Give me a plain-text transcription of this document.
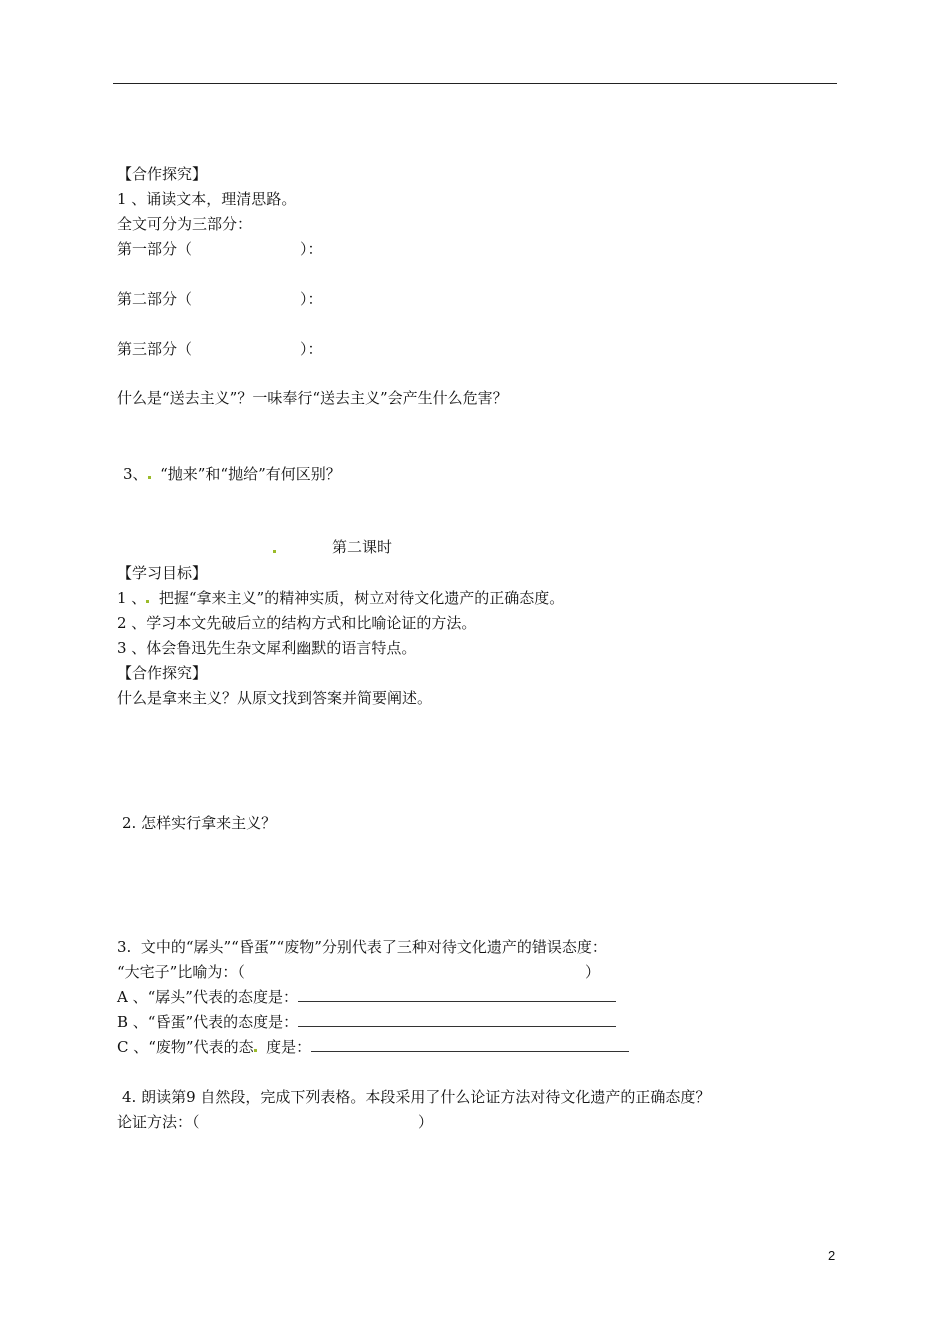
【合作探究】
1 、诵读文本，理清思路。
全文可分为三部分：
第一部分（	）：
第二部分（	）：
第三部分（	）：
什么是“送去主义”？一味奉行“送去主义”会产生什么危害？
3、 “抛来”和“抛给”有何区别？
第二课时
【学习目标】
1 、 把握“拿来主义”的精神实质，树立对待文化遗产的正确态度。
2 、学习本文先破后立的结构方式和比喻论证的方法。
3 、体会鲁迅先生杂文犀利幽默的语言特点。
【合作探究】
什么是拿来主义？从原文找到答案并简要阐述。
2. 怎样实行拿来主义？
3.  文中的“孱头”“昏蛋”“废物”分别代表了三种对待文化遗产的错误态度：
“大宅子”比喻为：（	）
A 、“孱头”代表的态度是：
B 、“昏蛋”代表的态度是：
C 、“废物”代表的态 度是：
4. 朗读第9 自然段，完成下列表格。本段采用了什么论证方法对待文化遗产的正确态度？
论证方法：（	）
2
